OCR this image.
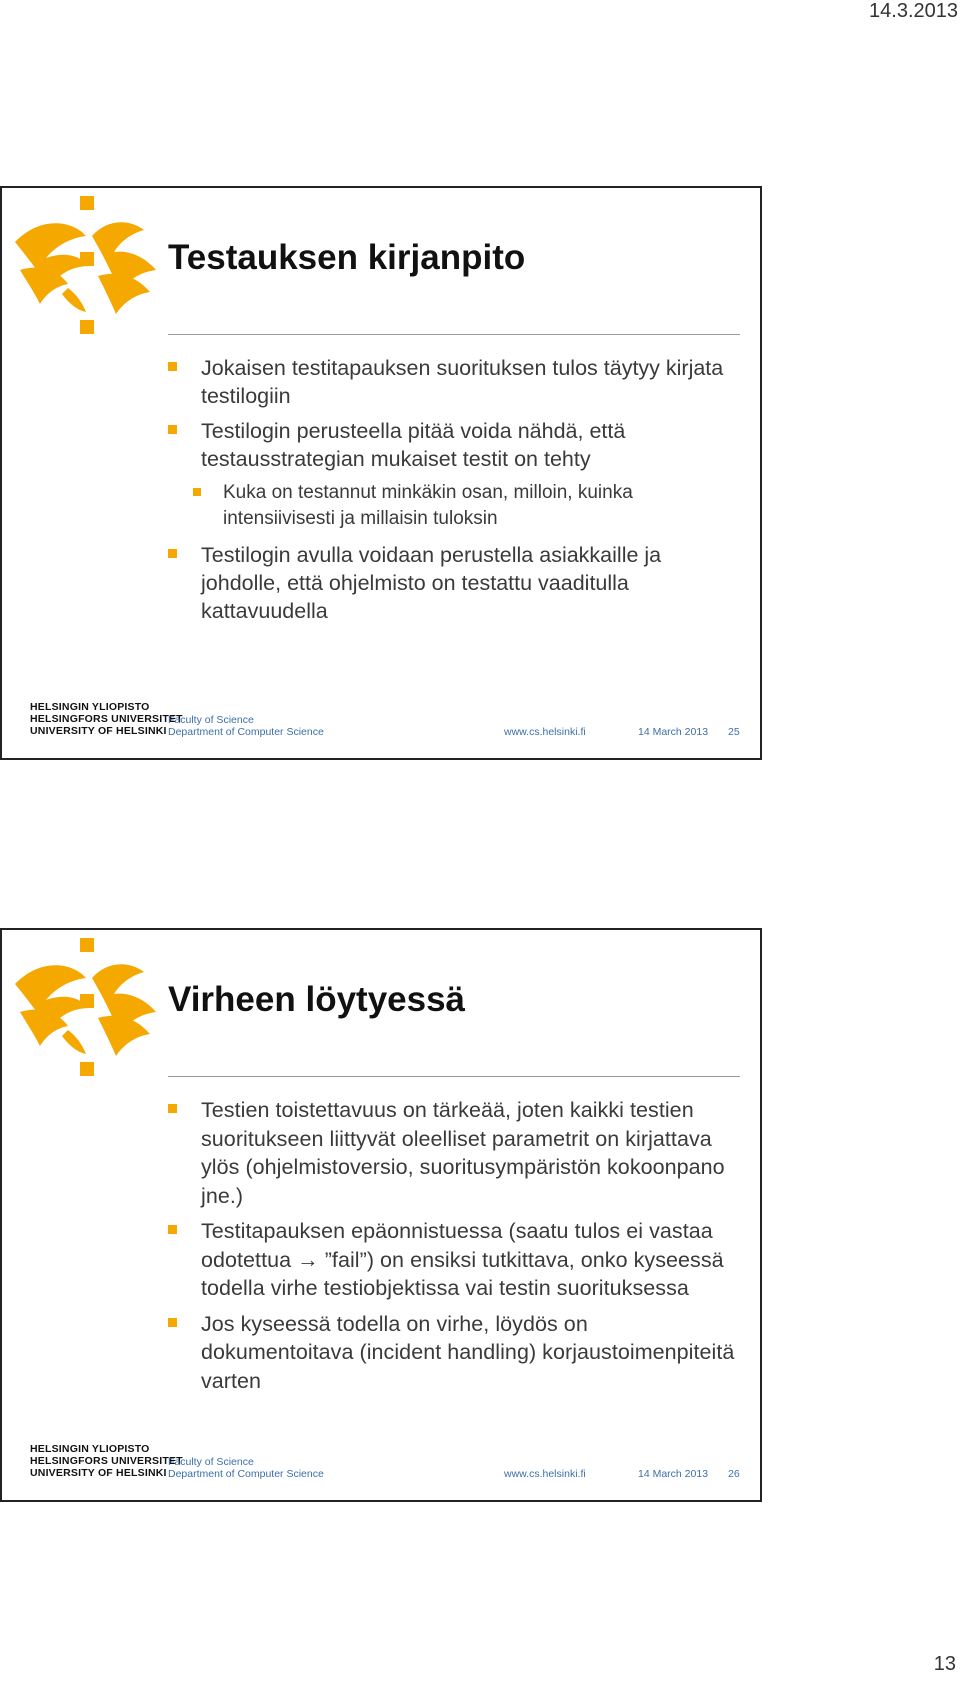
14.3.2013
Testauksen kirjanpito
Jokaisen testitapauksen suorituksen tulos täytyy kirjata testilogiin
Testilogin perusteella pitää voida nähdä, että testausstrategian mukaiset testit on tehty
Kuka on testannut minkäkin osan, milloin, kuinka intensiivisesti ja millaisin tuloksin
Testilogin avulla voidaan perustella asiakkaille ja johdolle, että ohjelmisto on testattu vaaditulla kattavuudella
HELSINGIN YLIOPISTO
HELSINGFORS UNIVERSITET
UNIVERSITY OF HELSINKI
Faculty of Science
Department of Computer Science	www.cs.helsinki.fi	14 March 2013 25
Virheen löytyessä
Testien toistettavuus on tärkeää, joten kaikki testien suoritukseen liittyvät oleelliset parametrit on kirjattava ylös (ohjelmistoversio, suoritusympäristön kokoonpano jne.)
Testitapauksen epäonnistuessa (saatu tulos ei vastaa odotettua → ”fail”) on ensiksi tutkittava, onko kyseessä todella virhe testiobjektissa vai testin suorituksessa
Jos kyseessä todella on virhe, löydös on dokumentoitava (incident handling) korjaustoimenpiteitä varten
HELSINGIN YLIOPISTO
HELSINGFORS UNIVERSITET
UNIVERSITY OF HELSINKI
Faculty of Science
Department of Computer Science	www.cs.helsinki.fi	14 March 2013 26
13
